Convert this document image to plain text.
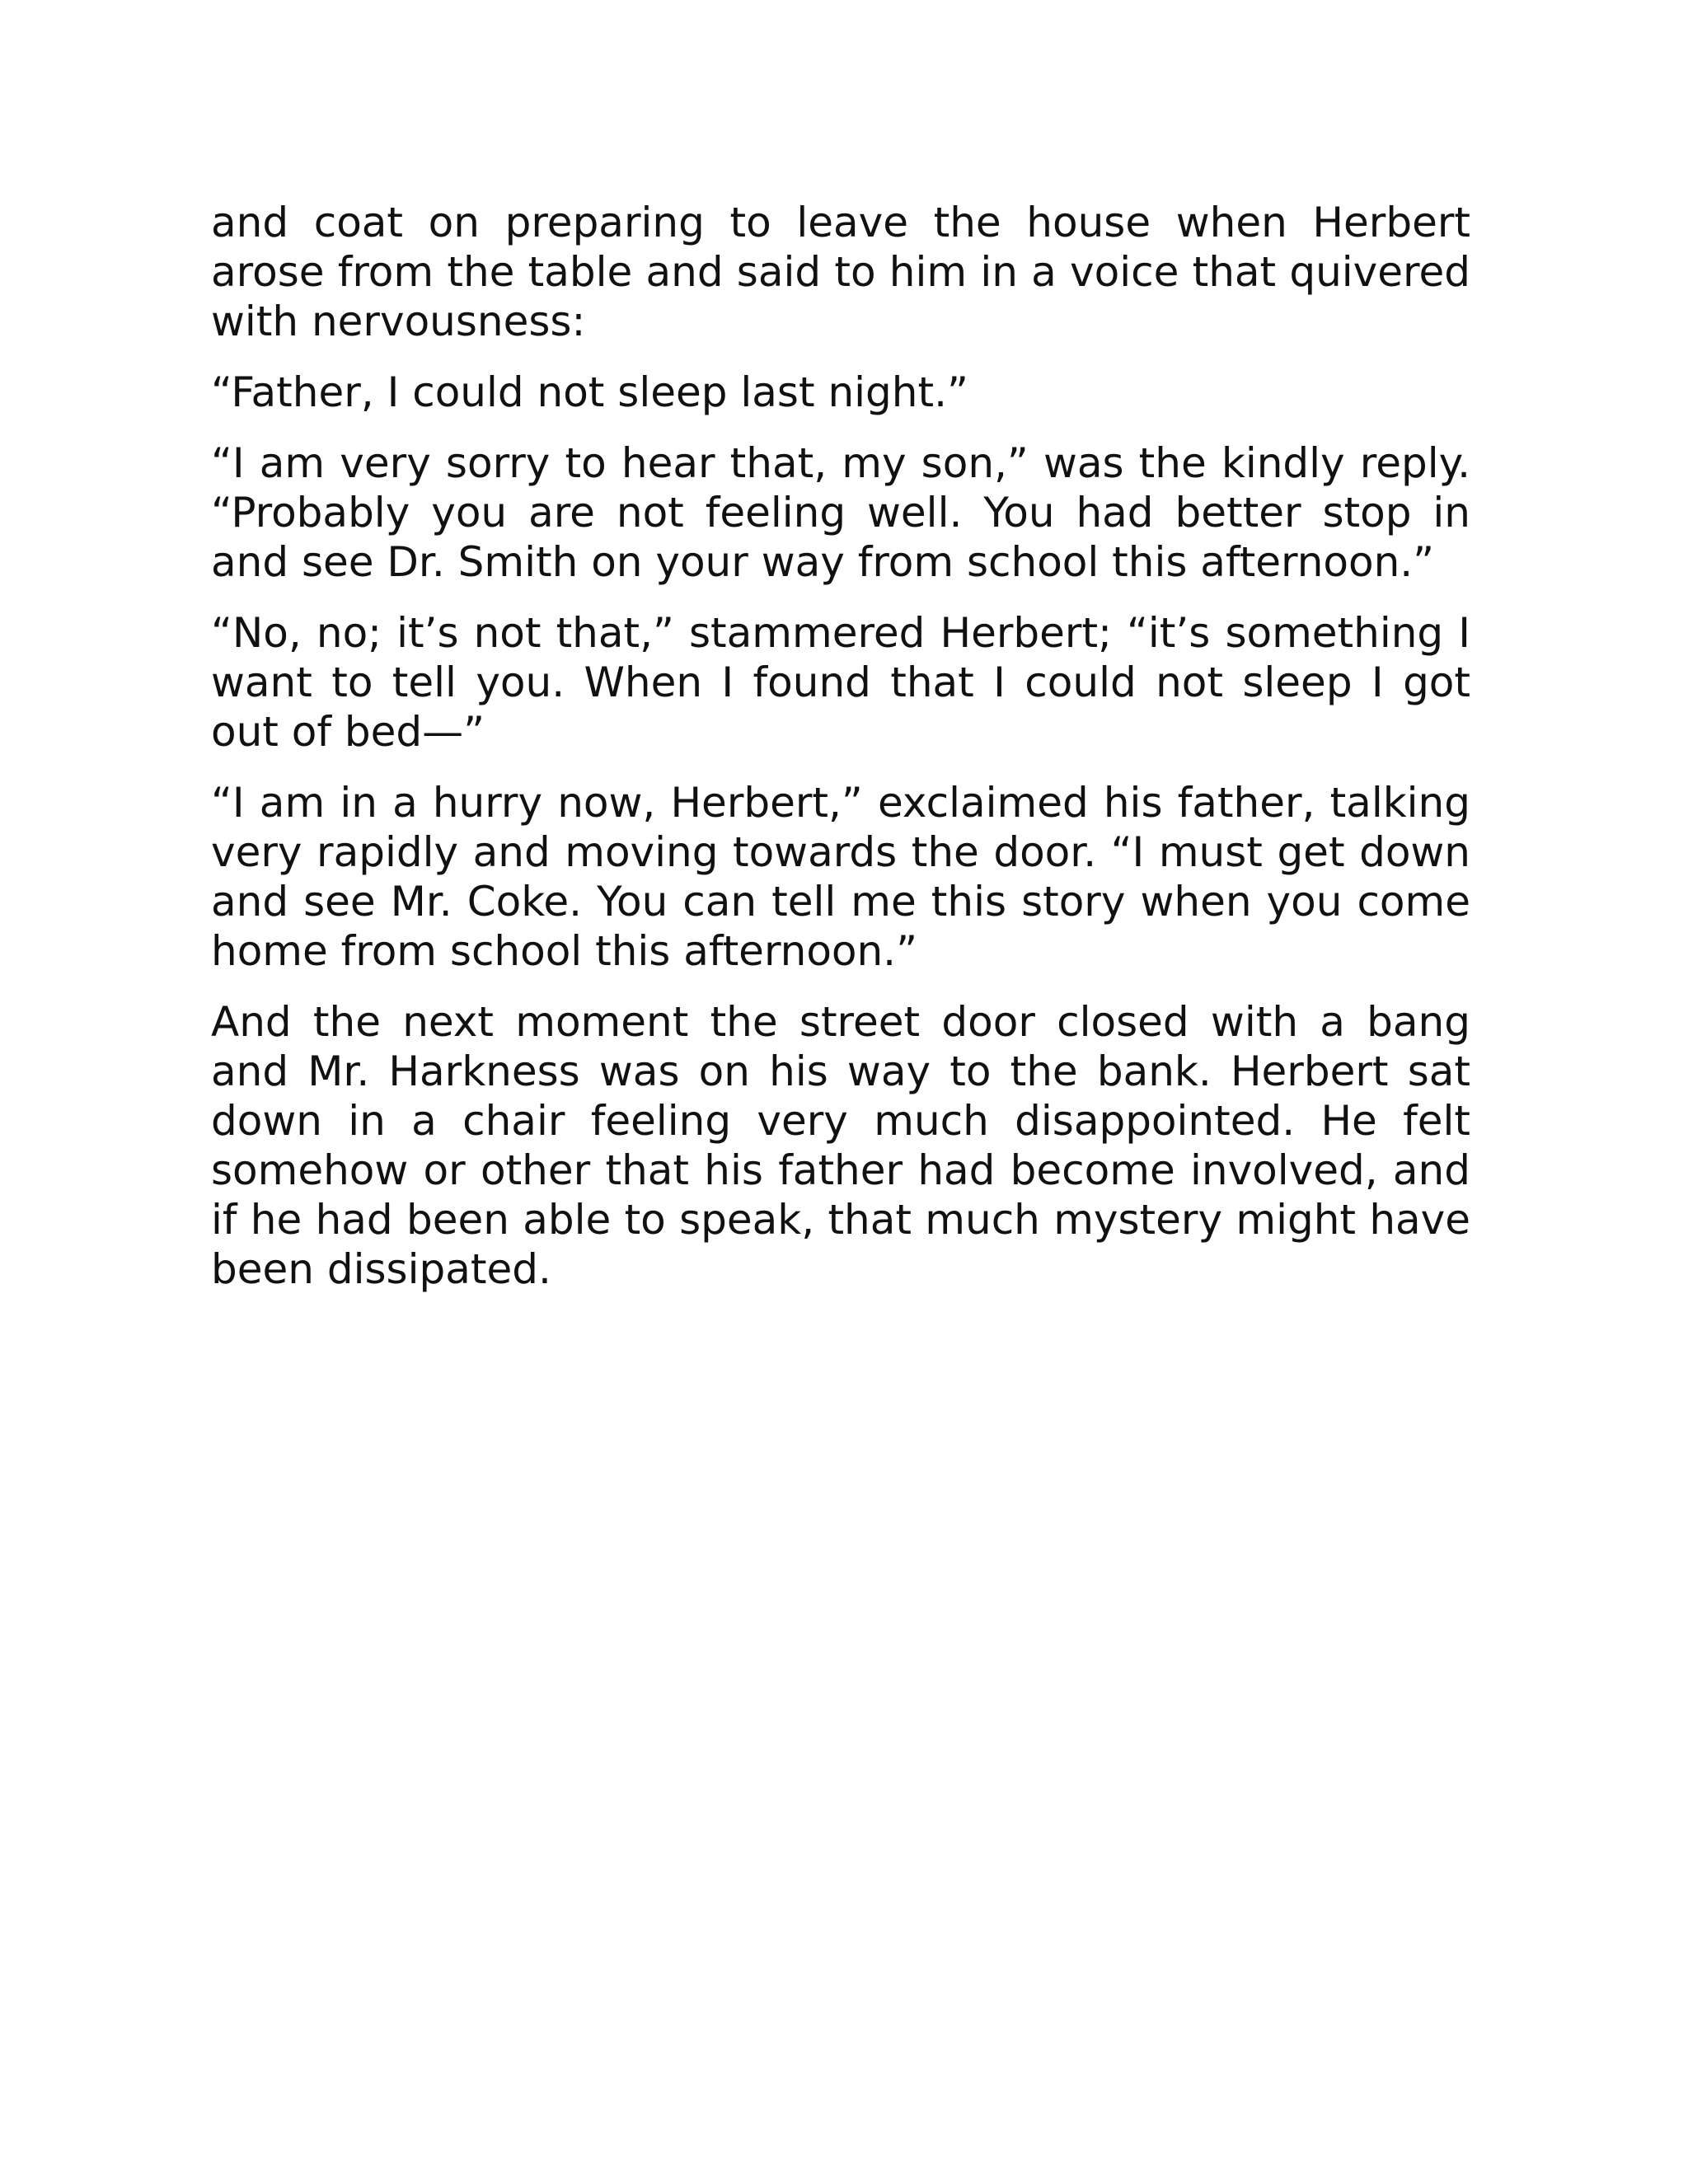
and coat on preparing to leave the house when Herbert arose from the table and said to him in a voice that quivered with nervousness:

“Father, I could not sleep last night.”

“I am very sorry to hear that, my son,” was the kindly reply. “Probably you are not feeling well. You had better stop in and see Dr. Smith on your way from school this afternoon.”

“No, no; it’s not that,” stammered Herbert; “it’s something I want to tell you. When I found that I could not sleep I got out of bed—”

“I am in a hurry now, Herbert,” exclaimed his father, talking very rapidly and moving towards the door. “I must get down and see Mr. Coke. You can tell me this story when you come home from school this afternoon.”

And the next moment the street door closed with a bang and Mr. Harkness was on his way to the bank. Herbert sat down in a chair feeling very much disappointed. He felt somehow or other that his father had become involved, and if he had been able to speak, that much mystery might have been dissipated.
